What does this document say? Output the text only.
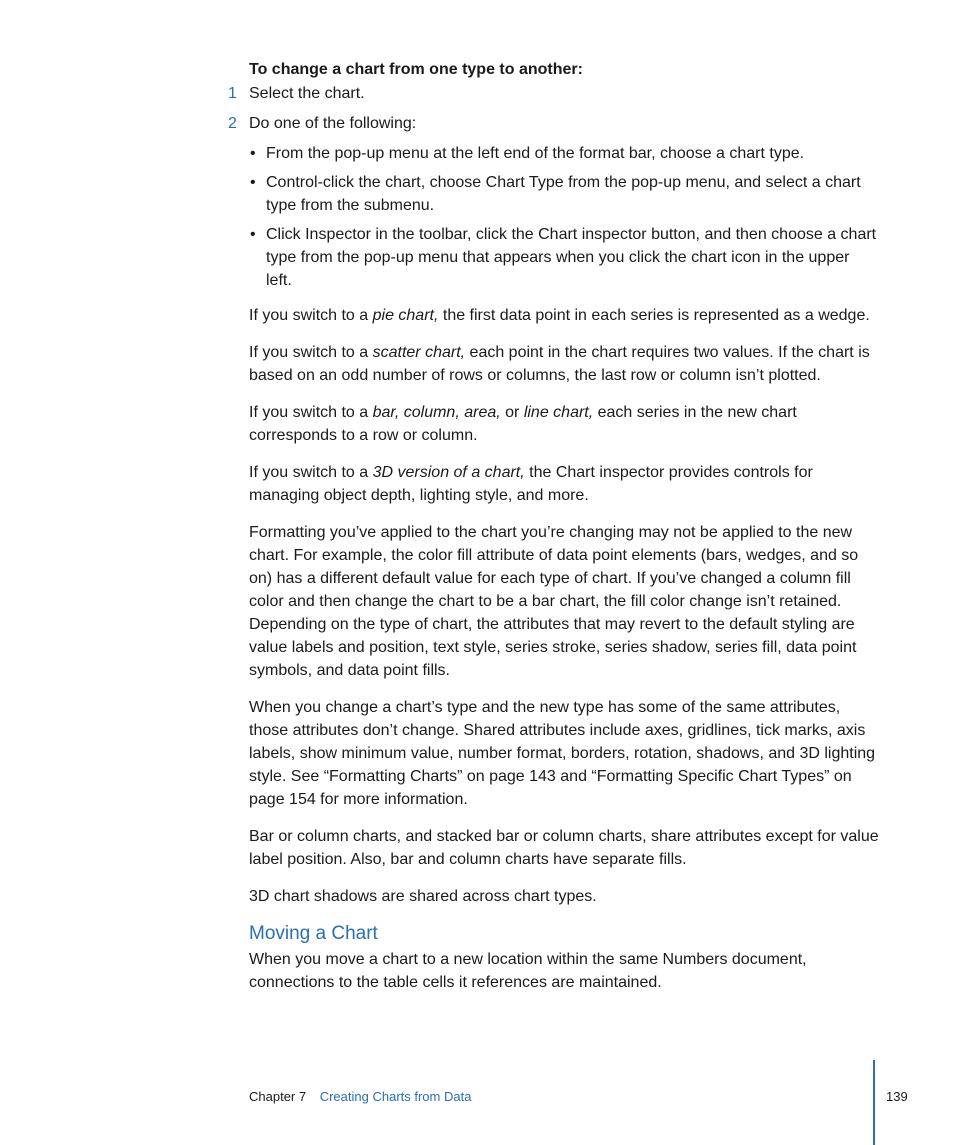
To change a chart from one type to another:
1 Select the chart.
2 Do one of the following:
• From the pop-up menu at the left end of the format bar, choose a chart type.
• Control-click the chart, choose Chart Type from the pop-up menu, and select a chart type from the submenu.
• Click Inspector in the toolbar, click the Chart inspector button, and then choose a chart type from the pop-up menu that appears when you click the chart icon in the upper left.

If you switch to a pie chart, the first data point in each series is represented as a wedge.

If you switch to a scatter chart, each point in the chart requires two values. If the chart is based on an odd number of rows or columns, the last row or column isn’t plotted.

If you switch to a bar, column, area, or line chart, each series in the new chart corresponds to a row or column.

If you switch to a 3D version of a chart, the Chart inspector provides controls for managing object depth, lighting style, and more.

Formatting you’ve applied to the chart you’re changing may not be applied to the new chart. For example, the color fill attribute of data point elements (bars, wedges, and so on) has a different default value for each type of chart. If you’ve changed a column fill color and then change the chart to be a bar chart, the fill color change isn’t retained. Depending on the type of chart, the attributes that may revert to the default styling are value labels and position, text style, series stroke, series shadow, series fill, data point symbols, and data point fills.

When you change a chart’s type and the new type has some of the same attributes, those attributes don’t change. Shared attributes include axes, gridlines, tick marks, axis labels, show minimum value, number format, borders, rotation, shadows, and 3D lighting style. See “Formatting Charts” on page 143 and “Formatting Specific Chart Types” on page 154 for more information.

Bar or column charts, and stacked bar or column charts, share attributes except for value label position. Also, bar and column charts have separate fills.

3D chart shadows are shared across chart types.

Moving a Chart

When you move a chart to a new location within the same Numbers document, connections to the table cells it references are maintained.

Chapter 7 Creating Charts from Data	139
